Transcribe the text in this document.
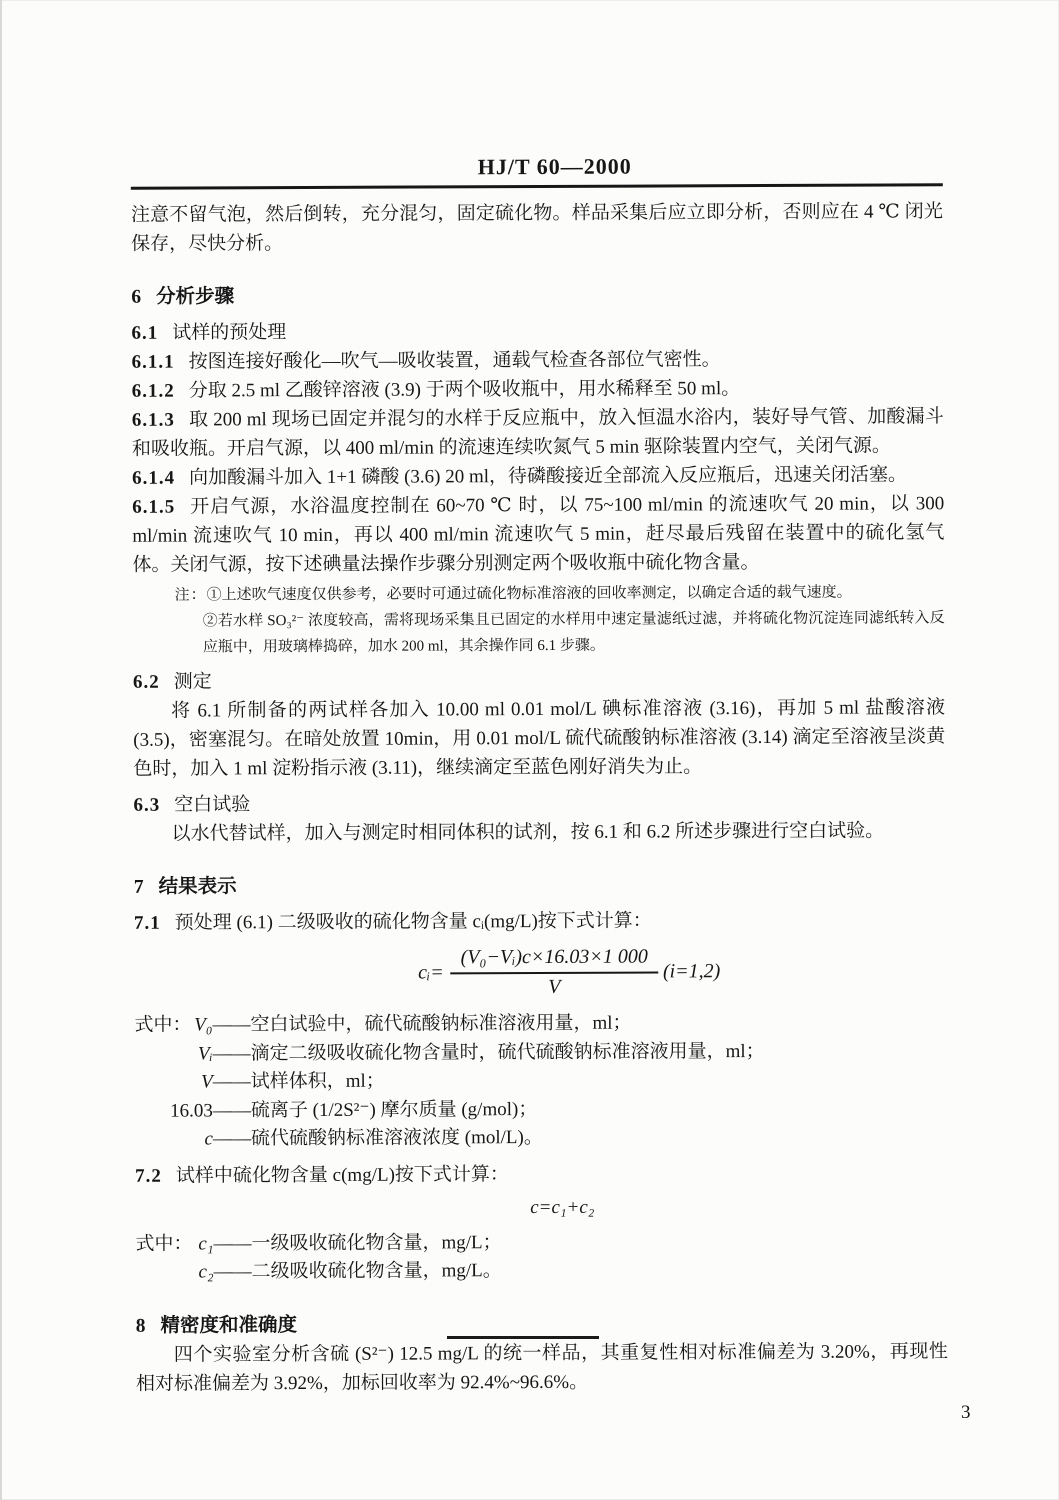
HJ/T 60—2000

注意不留气泡，然后倒转，充分混匀，固定硫化物。样品采集后应立即分析，否则应在 4 ℃ 闭光保存，尽快分析。

6 分析步骤

6.1 试样的预处理

6.1.1 按图连接好酸化—吹气—吸收装置，通载气检查各部位气密性。

6.1.2 分取 2.5 ml 乙酸锌溶液 (3.9) 于两个吸收瓶中，用水稀释至 50 ml。

6.1.3 取 200 ml 现场已固定并混匀的水样于反应瓶中，放入恒温水浴内，装好导气管、加酸漏斗和吸收瓶。开启气源，以 400 ml/min 的流速连续吹氮气 5 min 驱除装置内空气，关闭气源。

6.1.4 向加酸漏斗加入 1+1 磷酸 (3.6) 20 ml，待磷酸接近全部流入反应瓶后，迅速关闭活塞。

6.1.5 开启气源，水浴温度控制在 60~70 ℃ 时，以 75~100 ml/min 的流速吹气 20 min，以 300 ml/min 流速吹气 10 min，再以 400 ml/min 流速吹气 5 min，赶尽最后残留在装置中的硫化氢气体。关闭气源，按下述碘量法操作步骤分别测定两个吸收瓶中硫化物含量。

注：①上述吹气速度仅供参考，必要时可通过硫化物标准溶液的回收率测定，以确定合适的载气速度。

②若水样 SO₃²⁻ 浓度较高，需将现场采集且已固定的水样用中速定量滤纸过滤，并将硫化物沉淀连同滤纸转入反应瓶中，用玻璃棒捣碎，加水 200 ml，其余操作同 6.1 步骤。

6.2 测定

将 6.1 所制备的两试样各加入 10.00 ml 0.01 mol/L 碘标准溶液 (3.16)，再加 5 ml 盐酸溶液 (3.5)，密塞混匀。在暗处放置 10min，用 0.01 mol/L 硫代硫酸钠标准溶液 (3.14) 滴定至溶液呈淡黄色时，加入 1 ml 淀粉指示液 (3.11)，继续滴定至蓝色刚好消失为止。

6.3 空白试验

以水代替试样，加入与测定时相同体积的试剂，按 6.1 和 6.2 所述步骤进行空白试验。

7 结果表示

7.1 预处理 (6.1) 二级吸收的硫化物含量 cᵢ(mg/L)按下式计算：

cᵢ= $\frac{\text{(V₀−Vᵢ)c×16.03×1 000}}{V} (i=1,2)$
式中： V₀ ——空白试验中，硫代硫酸钠标准溶液用量，ml；
Vᵢ ——滴定二级吸收硫化物含量时，硫代硫酸钠标准溶液用量，ml；
V ——试样体积，ml；
16.03 ——硫离子 (1/2S²⁻) 摩尔质量 (g/mol)；
c ——硫代硫酸钠标准溶液浓度 (mol/L)。

7.2 试样中硫化物含量 c(mg/L)按下式计算：

c=c₁+c₂

式中： c₁ ——一级吸收硫化物含量，mg/L；
c₂ ——二级吸收硫化物含量，mg/L。

8 精密度和准确度

四个实验室分析含硫 (S²⁻) 12.5 mg/L 的统一样品，其重复性相对标准偏差为 3.20%，再现性相对标准偏差为 3.92%，加标回收率为 92.4%~96.6%。

3
